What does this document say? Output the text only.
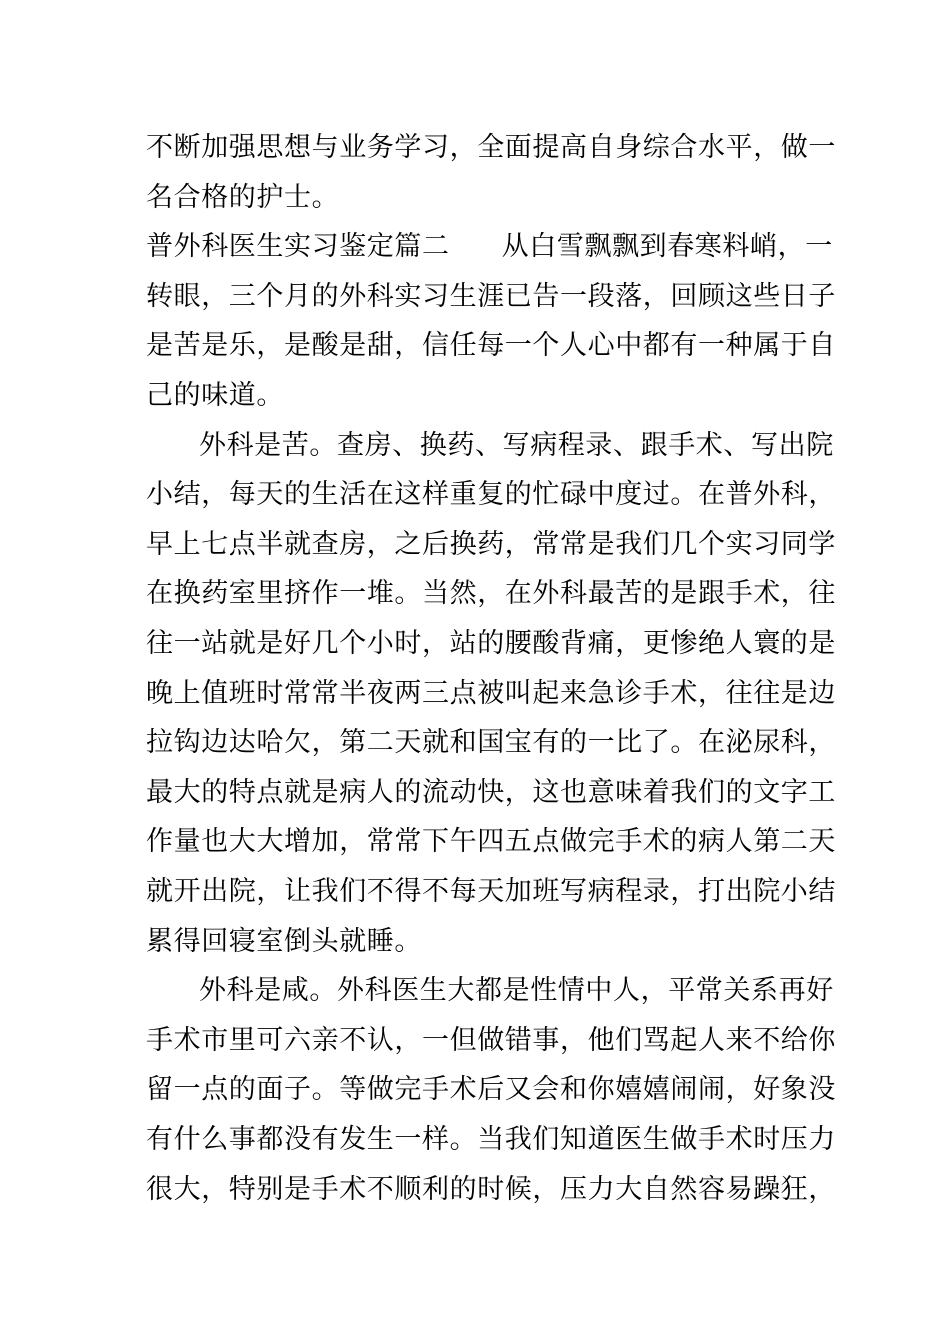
不断加强思想与业务学习，全面提高自身综合水平，做一
名合格的护士。
普外科医生实习鉴定篇二 从白雪飘飘到春寒料峭，一
转眼，三个月的外科实习生涯已告一段落，回顾这些日子
是苦是乐，是酸是甜，信任每一个人心中都有一种属于自
己的味道。
外科是苦。查房、换药、写病程录、跟手术、写出院
小结，每天的生活在这样重复的忙碌中度过。在普外科，
早上七点半就查房，之后换药，常常是我们几个实习同学
在换药室里挤作一堆。当然，在外科最苦的是跟手术，往
往一站就是好几个小时，站的腰酸背痛，更惨绝人寰的是
晚上值班时常常半夜两三点被叫起来急诊手术，往往是边
拉钩边达哈欠，第二天就和国宝有的一比了。在泌尿科，
最大的特点就是病人的流动快，这也意味着我们的文字工
作量也大大增加，常常下午四五点做完手术的病人第二天
就开出院，让我们不得不每天加班写病程录，打出院小结
累得回寝室倒头就睡。
外科是咸。外科医生大都是性情中人，平常关系再好
手术市里可六亲不认，一但做错事，他们骂起人来不给你
留一点的面子。等做完手术后又会和你嬉嬉闹闹，好象没
有什么事都没有发生一样。当我们知道医生做手术时压力
很大，特别是手术不顺利的时候，压力大自然容易躁狂，
